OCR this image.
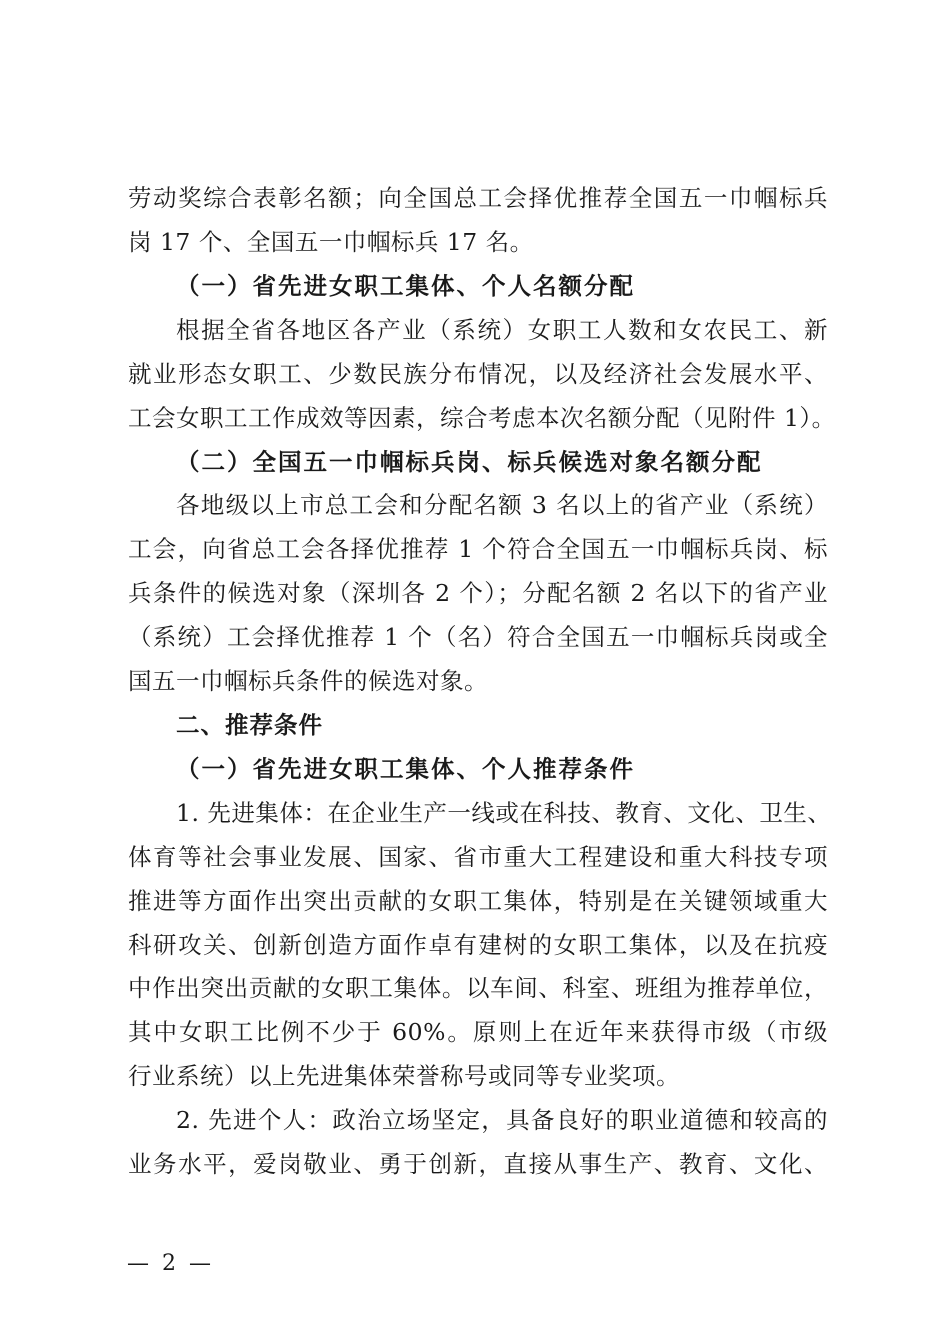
劳动奖综合表彰名额；向全国总工会择优推荐全国五一巾帼标兵
岗 17 个、全国五一巾帼标兵 17 名。
（一）省先进女职工集体、个人名额分配
根据全省各地区各产业（系统）女职工人数和女农民工、新
就业形态女职工、少数民族分布情况，以及经济社会发展水平、
工会女职工工作成效等因素，综合考虑本次名额分配（见附件 1）。
（二）全国五一巾帼标兵岗、标兵候选对象名额分配
各地级以上市总工会和分配名额 3 名以上的省产业（系统）
工会，向省总工会各择优推荐 1 个符合全国五一巾帼标兵岗、标
兵条件的候选对象（深圳各 2 个）；分配名额 2 名以下的省产业
（系统）工会择优推荐 1 个（名）符合全国五一巾帼标兵岗或全
国五一巾帼标兵条件的候选对象。
二、推荐条件
（一）省先进女职工集体、个人推荐条件
1. 先进集体：在企业生产一线或在科技、教育、文化、卫生、
体育等社会事业发展、国家、省市重大工程建设和重大科技专项
推进等方面作出突出贡献的女职工集体，特别是在关键领域重大
科研攻关、创新创造方面作卓有建树的女职工集体，以及在抗疫
中作出突出贡献的女职工集体。以车间、科室、班组为推荐单位，
其中女职工比例不少于 60%。原则上在近年来获得市级（市级
行业系统）以上先进集体荣誉称号或同等专业奖项。
2. 先进个人：政治立场坚定，具备良好的职业道德和较高的
业务水平，爱岗敬业、勇于创新，直接从事生产、教育、文化、
— 2 —
